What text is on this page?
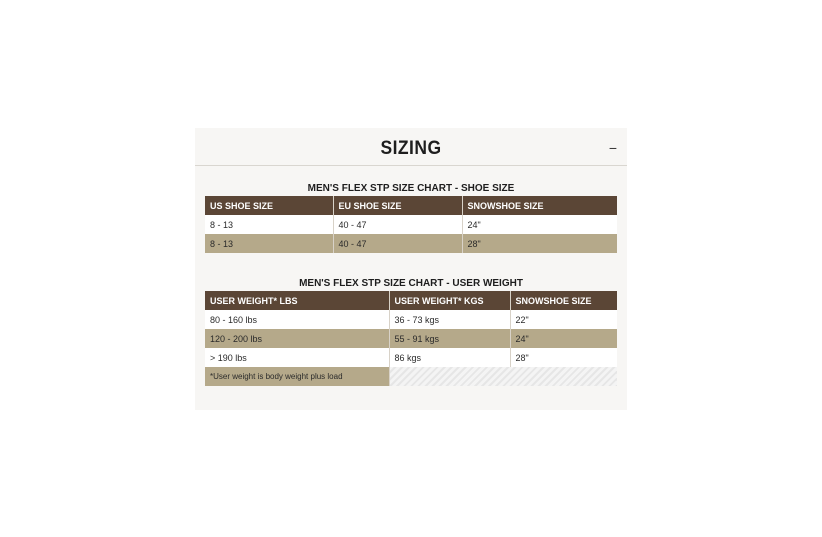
SIZING	−
MEN'S FLEX STP SIZE CHART - SHOE SIZE
US SHOE SIZE	EU SHOE SIZE	SNOWSHOE SIZE
8 - 13	40 - 47	24"
8 - 13	40 - 47	28"
MEN'S FLEX STP SIZE CHART - USER WEIGHT
USER WEIGHT* LBS	USER WEIGHT* KGS	SNOWSHOE SIZE
80 - 160 lbs	36 - 73 kgs	22"
120 - 200 lbs	55 - 91 kgs	24"
> 190 lbs	86 kgs	28"
*User weight is body weight plus load		
